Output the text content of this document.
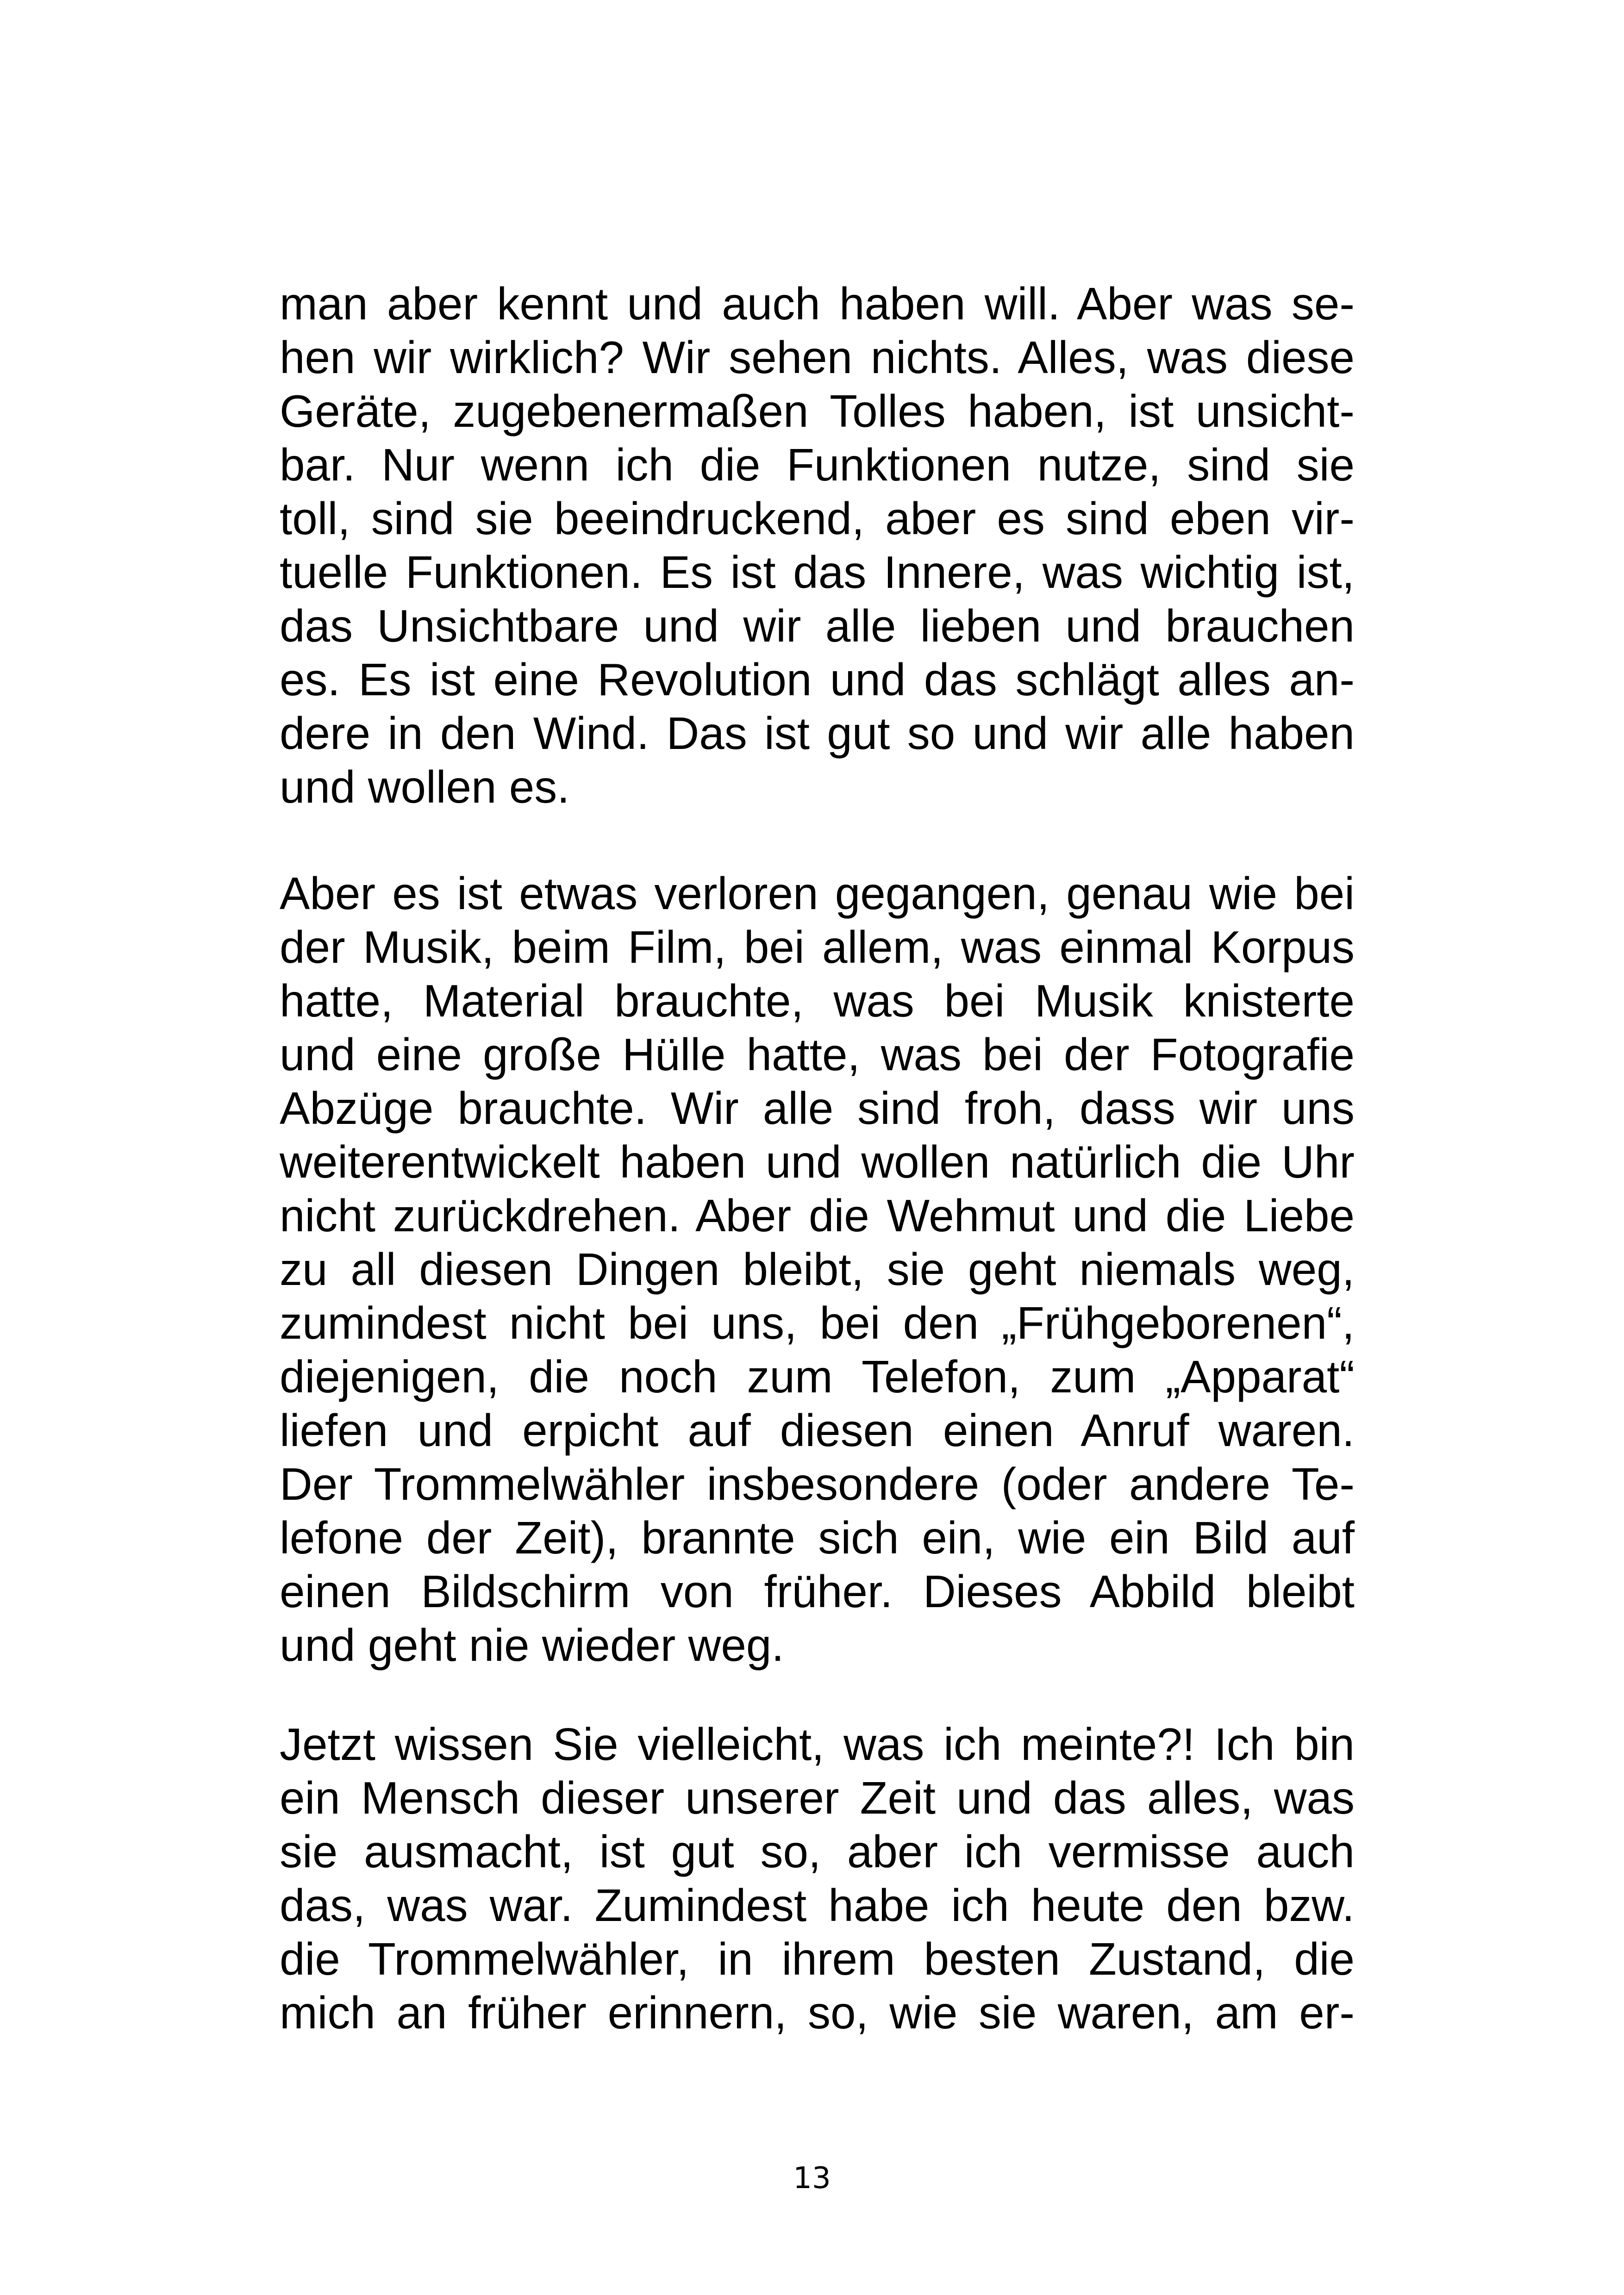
man aber kennt und auch haben will. Aber was se-
hen wir wirklich? Wir sehen nichts. Alles, was diese
Geräte, zugebenermaßen Tolles haben, ist unsicht-
bar. Nur wenn ich die Funktionen nutze, sind sie
toll, sind sie beeindruckend, aber es sind eben vir-
tuelle Funktionen. Es ist das Innere, was wichtig ist,
das Unsichtbare und wir alle lieben und brauchen
es. Es ist eine Revolution und das schlägt alles an-
dere in den Wind. Das ist gut so und wir alle haben
und wollen es.
Aber es ist etwas verloren gegangen, genau wie bei
der Musik, beim Film, bei allem, was einmal Korpus
hatte, Material brauchte, was bei Musik knisterte
und eine große Hülle hatte, was bei der Fotografie
Abzüge brauchte. Wir alle sind froh, dass wir uns
weiterentwickelt haben und wollen natürlich die Uhr
nicht zurückdrehen. Aber die Wehmut und die Liebe
zu all diesen Dingen bleibt, sie geht niemals weg,
zumindest nicht bei uns, bei den „Frühgeborenen“,
diejenigen, die noch zum Telefon, zum „Apparat“
liefen und erpicht auf diesen einen Anruf waren.
Der Trommelwähler insbesondere (oder andere Te-
lefone der Zeit), brannte sich ein, wie ein Bild auf
einen Bildschirm von früher. Dieses Abbild bleibt
und geht nie wieder weg.
Jetzt wissen Sie vielleicht, was ich meinte?! Ich bin
ein Mensch dieser unserer Zeit und das alles, was
sie ausmacht, ist gut so, aber ich vermisse auch
das, was war. Zumindest habe ich heute den bzw.
die Trommelwähler, in ihrem besten Zustand, die
mich an früher erinnern, so, wie sie waren, am er-
13
